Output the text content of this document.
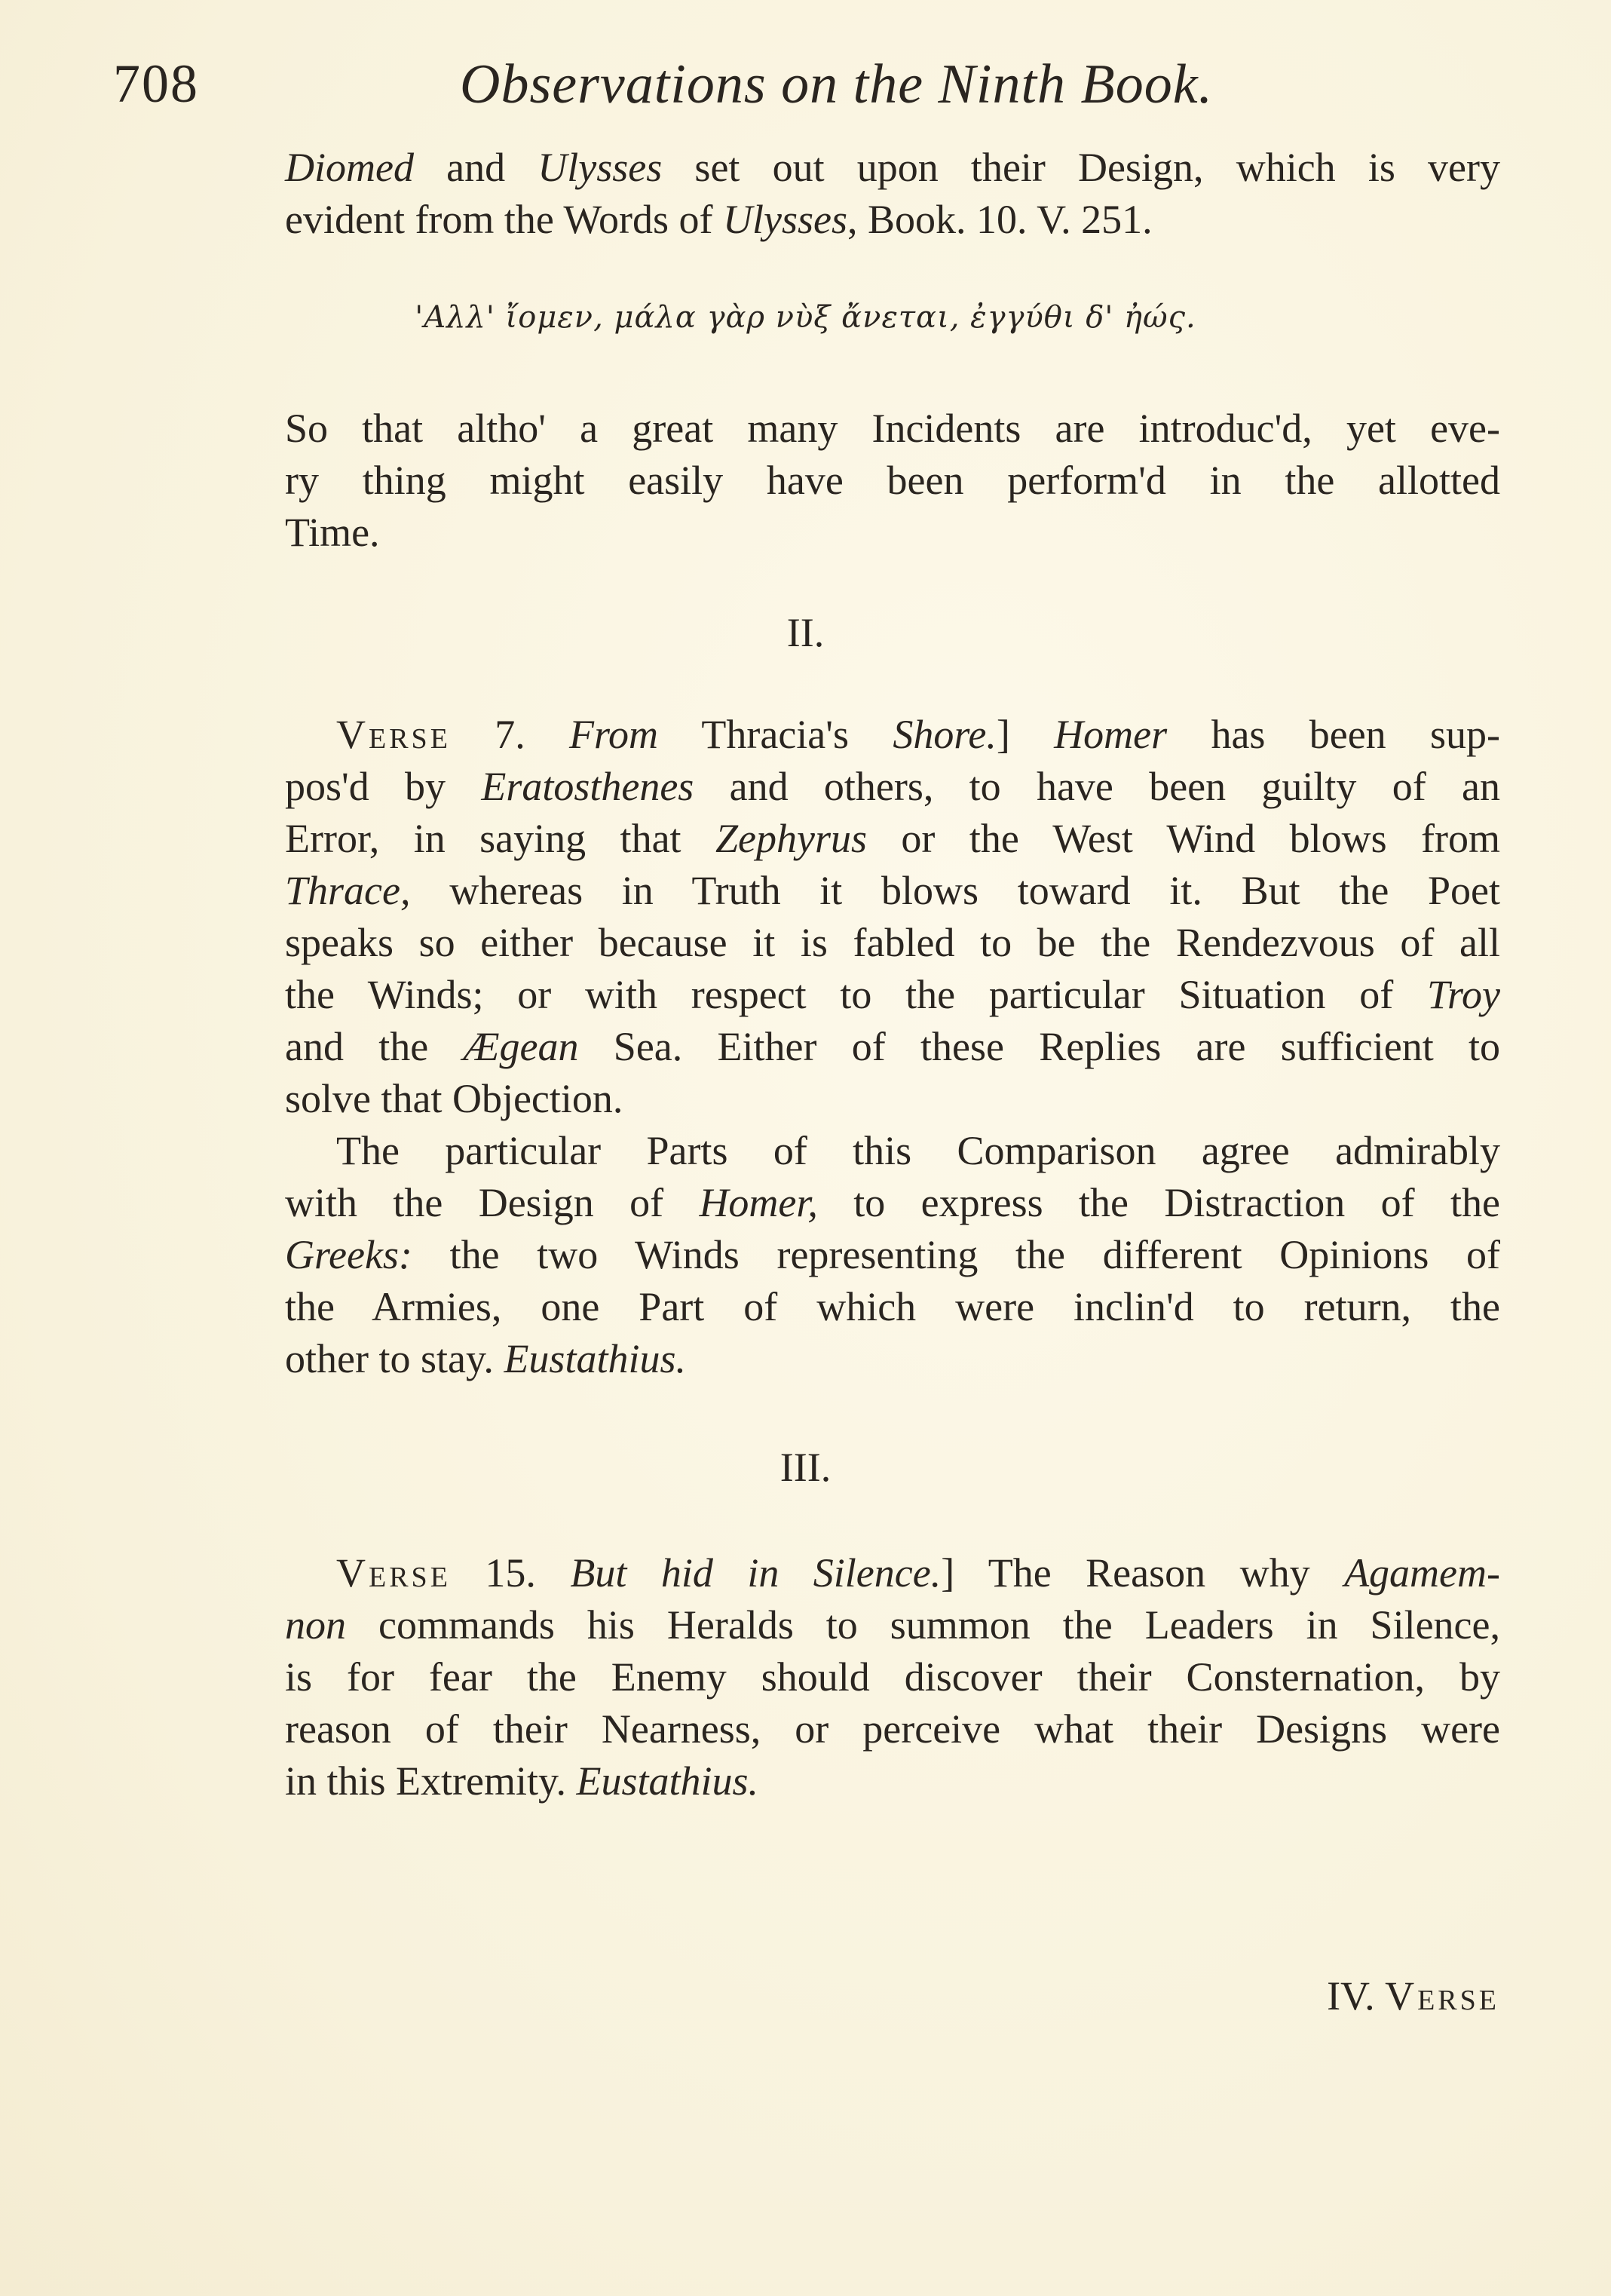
708	Observations on the Ninth Book.
Diomed and Ulysses set out upon their Design, which is very
evident from the Words of Ulysses, Book. 10. V. 251.
'Αλλ' ἴομεν, μάλα γὰρ νὺξ ἄνεται, ἐγγύθι δ' ἠώς.
So that altho' a great many Incidents are introduc'd, yet eve-
ry thing might easily have been perform'd in the allotted
Time.
II.
Verse 7. From Thracia's Shore.] Homer has been sup-
pos'd by Eratosthenes and others, to have been guilty of an
Error, in saying that Zephyrus or the West Wind blows from
Thrace, whereas in Truth it blows toward it. But the Poet
speaks so either because it is fabled to be the Rendezvous of all
the Winds; or with respect to the particular Situation of Troy
and the Ægean Sea. Either of these Replies are sufficient to
solve that Objection.
The particular Parts of this Comparison agree admirably
with the Design of Homer, to express the Distraction of the
Greeks: the two Winds representing the different Opinions of
the Armies, one Part of which were inclin'd to return, the
other to stay. Eustathius.
III.
Verse 15. But hid in Silence.] The Reason why Agamem-
non commands his Heralds to summon the Leaders in Silence,
is for fear the Enemy should discover their Consternation, by
reason of their Nearness, or perceive what their Designs were
in this Extremity. Eustathius.
IV. Verse
